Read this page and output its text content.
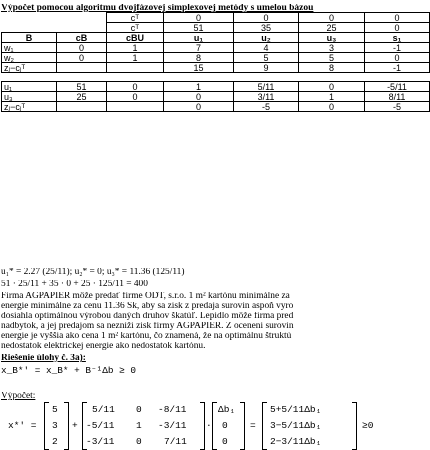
Výpočet pomocou algoritmu dvojfázovej simplexovej metódy s umelou bázou
		cᵀ	0	0	0	0
		cᵀ	51	35	25	0
B	cB	cBU	u₁	u₂	u₃	s₁
w₁	0	1	7	4	3	-1
w₂	0	1	8	5	5	0
zⱼ−cⱼᵀ			15	9	8	-1

u₁	51	0	1	5/11	0	-5/11
u₃	25	0	0	3/11	1	8/11
zⱼ−cⱼᵀ			0	-5	0	-5
u₁* = 2.27 (25/11); u₂* = 0; u₃* = 11.36 (125/11)
51 · 25/11 + 35 · 0 + 25 · 125/11 = 400
Firma AGPAPIER môže predať firme ODT, s.r.o. 1 m² kartónu minimálne za
energie minimálne za cenu 11.36 Sk, aby sa zisk z predaja surovín aspoň vyro
dosiahla optimálnou výrobou daných druhov škatúľ. Lepidlo môže firma pred
nadbytok, a jej predajom sa nezníži zisk firmy AGPAPIER. Z ocenení surovín
energie je vyššia ako cena 1 m² kartónu, čo znamená, že na optimálnu štruktú
nedostatok elektrickej energie ako nedostatok kartónu.
Riešenie úlohy č. 3a):
x_B*' = x_B* + B⁻¹Δb ≥ 0
Výpočet:
x*' =
5
3
2
+
5/11 0 -8/11
-5/11 1 -3/11
-3/11 0 7/11
·
Δb₁
0
0
=
5+5/11Δb₁
3−5/11Δb₁
2−3/11Δb₁
≥0
